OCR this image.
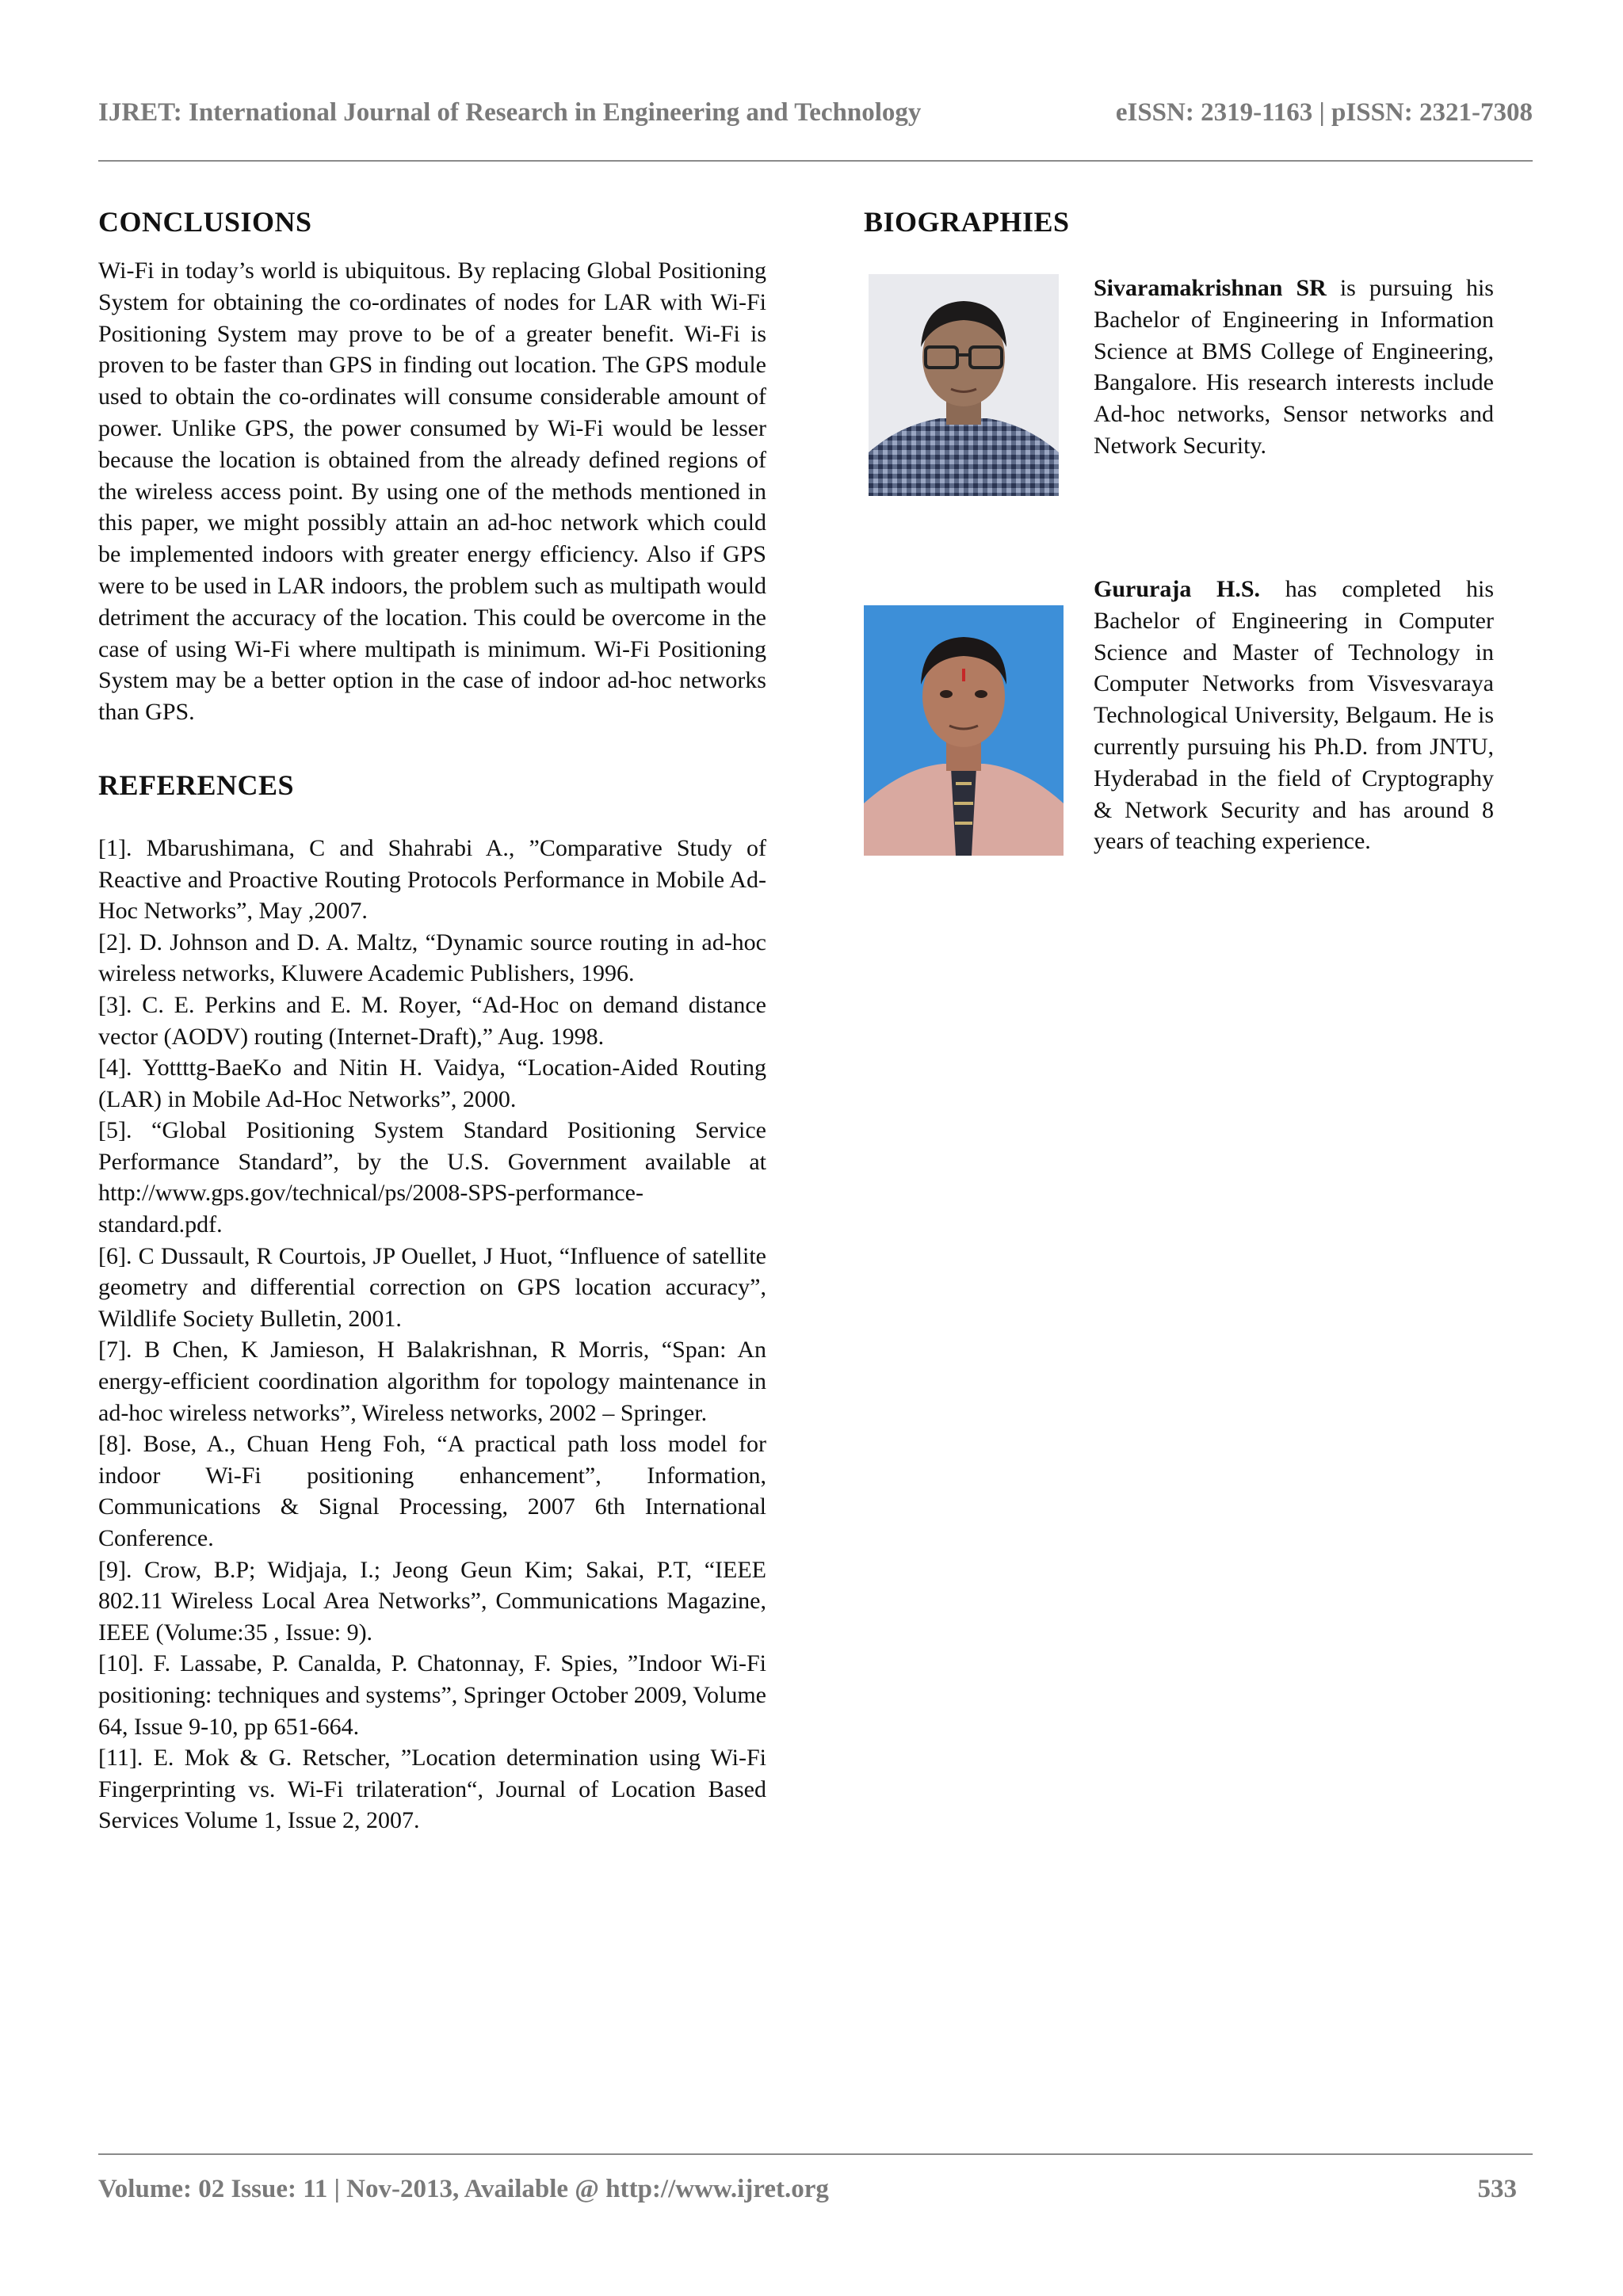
IJRET: International Journal of Research in Engineering and Technology	eISSN: 2319-1163 | pISSN: 2321-7308
CONCLUSIONS

Wi-Fi in today’s world is ubiquitous. By replacing Global Positioning System for obtaining the co-ordinates of nodes for LAR with Wi-Fi Positioning System may prove to be of a greater benefit. Wi-Fi is proven to be faster than GPS in finding out location. The GPS module used to obtain the co-ordinates will consume considerable amount of power. Unlike GPS, the power consumed by Wi-Fi would be lesser because the location is obtained from the already defined regions of the wireless access point. By using one of the methods mentioned in this paper, we might possibly attain an ad-hoc network which could be implemented indoors with greater energy efficiency. Also if GPS were to be used in LAR indoors, the problem such as multipath would detriment the accuracy of the location. This could be overcome in the case of using Wi-Fi where multipath is minimum. Wi-Fi Positioning System may be a better option in the case of indoor ad-hoc networks than GPS.

REFERENCES

[1]. Mbarushimana, C and Shahrabi A., ”Comparative Study of Reactive and Proactive Routing Protocols Performance in Mobile Ad-Hoc Networks”, May ,2007.

[2]. D. Johnson and D. A. Maltz, “Dynamic source routing in ad-hoc wireless networks, Kluwere Academic Publishers, 1996.

[3]. C. E. Perkins and E. M. Royer, “Ad-Hoc on demand distance vector (AODV) routing (Internet-Draft),” Aug. 1998.

[4]. Yottttg-BaeKo and Nitin H. Vaidya, “Location-Aided Routing (LAR) in Mobile Ad-Hoc Networks”, 2000.

[5]. “Global Positioning System Standard Positioning Service Performance Standard”, by the U.S. Government available at http://www.gps.gov/technical/ps/2008-SPS-performance-standard.pdf.

[6]. C Dussault, R Courtois, JP Ouellet, J Huot, “Influence of satellite geometry and differential correction on GPS location accuracy”, Wildlife Society Bulletin, 2001.

[7]. B Chen, K Jamieson, H Balakrishnan, R Morris, “Span: An energy-efficient coordination algorithm for topology maintenance in ad-hoc wireless networks”, Wireless networks, 2002 – Springer.

[8]. Bose, A., Chuan Heng Foh, “A practical path loss model for indoor Wi-Fi positioning enhancement”, Information, Communications & Signal Processing, 2007 6th International Conference.

[9]. Crow, B.P; Widjaja, I.; Jeong Geun Kim; Sakai, P.T, “IEEE 802.11 Wireless Local Area Networks”, Communications Magazine, IEEE (Volume:35 , Issue: 9).

[10]. F. Lassabe, P. Canalda, P. Chatonnay, F. Spies, ”Indoor Wi-Fi positioning: techniques and systems”, Springer October 2009, Volume 64, Issue 9-10, pp 651-664.

[11]. E. Mok & G. Retscher, ”Location determination using Wi-Fi Fingerprinting vs. Wi-Fi trilateration“, Journal of Location Based Services Volume 1, Issue 2, 2007.

BIOGRAPHIES

Sivaramakrishnan SR is pursuing his Bachelor of Engineering in Information Science at BMS College of Engineering, Bangalore. His research interests include Ad-hoc networks, Sensor networks and Network Security.

Gururaja H.S. has completed his Bachelor of Engineering in Computer Science and Master of Technology in Computer Networks from Visvesvaraya Technological University, Belgaum. He is currently pursuing his Ph.D. from JNTU, Hyderabad in the field of Cryptography & Network Security and has around 8 years of teaching experience.

Volume: 02 Issue: 11 | Nov-2013, Available @ http://www.ijret.org	533
